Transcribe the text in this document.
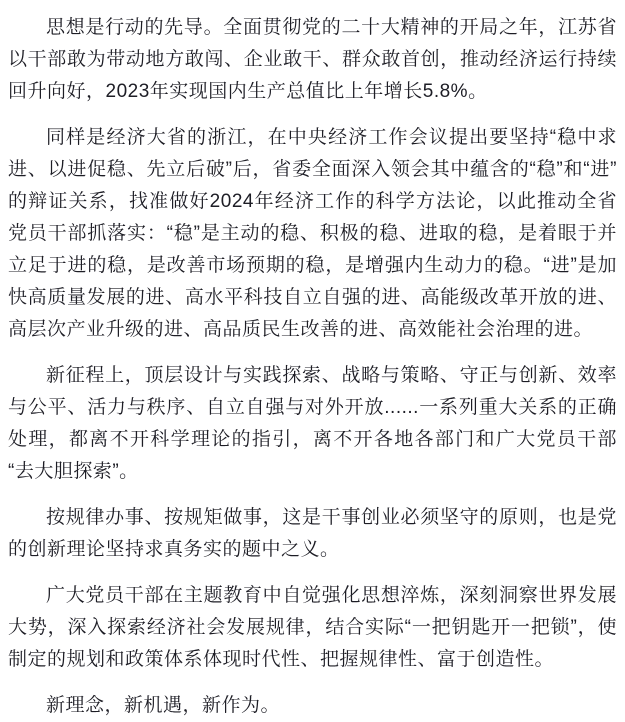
思想是行动的先导。全面贯彻党的二十大精神的开局之年，江苏省以干部敢为带动地方敢闯、企业敢干、群众敢首创，推动经济运行持续回升向好，2023年实现国内生产总值比上年增长5.8%。

同样是经济大省的浙江，在中央经济工作会议提出要坚持“稳中求进、以进促稳、先立后破”后，省委全面深入领会其中蕴含的“稳”和“进”的辩证关系，找准做好2024年经济工作的科学方法论，以此推动全省党员干部抓落实：“稳”是主动的稳、积极的稳、进取的稳，是着眼于并立足于进的稳，是改善市场预期的稳，是增强内生动力的稳。“进”是加快高质量发展的进、高水平科技自立自强的进、高能级改革开放的进、高层次产业升级的进、高品质民生改善的进、高效能社会治理的进。

新征程上，顶层设计与实践探索、战略与策略、守正与创新、效率与公平、活力与秩序、自立自强与对外开放......一系列重大关系的正确处理，都离不开科学理论的指引，离不开各地各部门和广大党员干部“去大胆探索”。

按规律办事、按规矩做事，这是干事创业必须坚守的原则，也是党的创新理论坚持求真务实的题中之义。

广大党员干部在主题教育中自觉强化思想淬炼，深刻洞察世界发展大势，深入探索经济社会发展规律，结合实际“一把钥匙开一把锁”，使制定的规划和政策体系体现时代性、把握规律性、富于创造性。

新理念，新机遇，新作为。
